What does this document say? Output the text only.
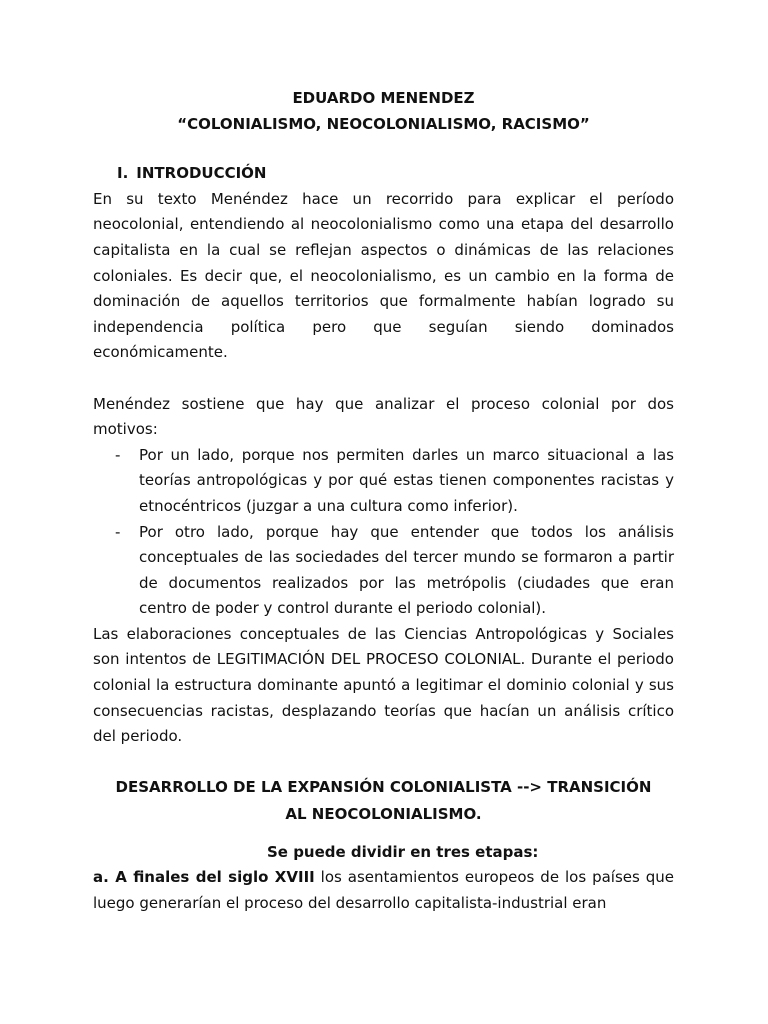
EDUARDO MENENDEZ
“COLONIALISMO, NEOCOLONIALISMO, RACISMO”
I. INTRODUCCIÓN

En su texto Menéndez hace un recorrido para explicar el período neocolonial, entendiendo al neocolonialismo como una etapa del desarrollo capitalista en la cual se reflejan aspectos o dinámicas de las relaciones coloniales. Es decir que, el neocolonialismo, es un cambio en la forma de dominación de aquellos territorios que formalmente habían logrado su independencia política pero que seguían siendo dominados económicamente.

Menéndez sostiene que hay que analizar el proceso colonial por dos motivos:

- Por un lado, porque nos permiten darles un marco situacional a las teorías antropológicas y por qué estas tienen componentes racistas y etnocéntricos (juzgar a una cultura como inferior).
- Por otro lado, porque hay que entender que todos los análisis conceptuales de las sociedades del tercer mundo se formaron a partir de documentos realizados por las metrópolis (ciudades que eran centro de poder y control durante el periodo colonial).

Las elaboraciones conceptuales de las Ciencias Antropológicas y Sociales son intentos de LEGITIMACIÓN DEL PROCESO COLONIAL. Durante el periodo colonial la estructura dominante apuntó a legitimar el dominio colonial y sus consecuencias racistas, desplazando teorías que hacían un análisis crítico del periodo.

DESARROLLO DE LA EXPANSIÓN COLONIALISTA --> TRANSICIÓN
AL NEOCOLONIALISMO.
Se puede dividir en tres etapas:

a. A finales del siglo XVIII los asentamientos europeos de los países que luego generarían el proceso del desarrollo capitalista-industrial eran
